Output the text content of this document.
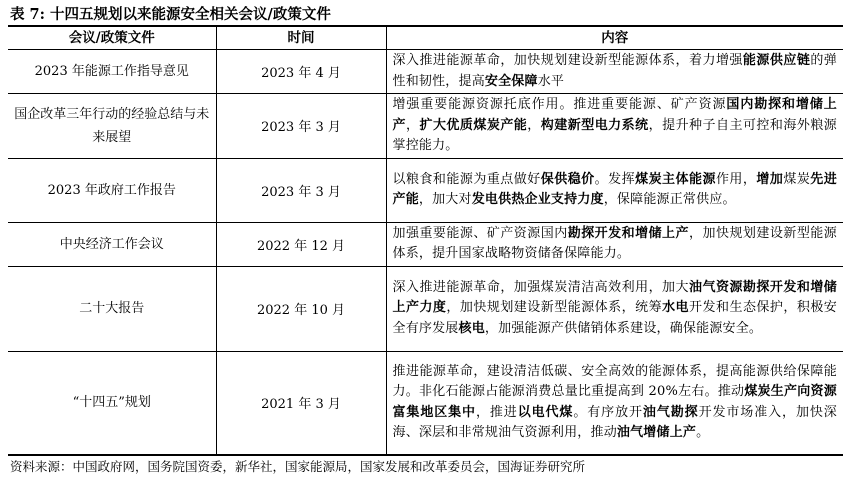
表 7: 十四五规划以来能源安全相关会议/政策文件
会议/政策文件	时间	内容
2023 年能源工作指导意见	2023 年 4 月	深入推进能源革命，加快规划建设新型能源体系，着力增强能源供应链的弹性和韧性，提高安全保障水平
国企改革三年行动的经验总结与未来展望	2023 年 3 月	增强重要能源资源托底作用。推进重要能源、矿产资源国内勘探和增储上产，扩大优质煤炭产能，构建新型电力系统，提升种子自主可控和海外粮源掌控能力。
2023 年政府工作报告	2023 年 3 月	以粮食和能源为重点做好保供稳价。发挥煤炭主体能源作用，增加煤炭先进产能，加大对发电供热企业支持力度，保障能源正常供应。
中央经济工作会议	2022 年 12 月	加强重要能源、矿产资源国内勘探开发和增储上产，加快规划建设新型能源体系，提升国家战略物资储备保障能力。
二十大报告	2022 年 10 月	深入推进能源革命，加强煤炭清洁高效利用，加大油气资源勘探开发和增储上产力度，加快规划建设新型能源体系，统筹水电开发和生态保护，积极安全有序发展核电，加强能源产供储销体系建设，确保能源安全。
“十四五”规划	2021 年 3 月	推进能源革命，建设清洁低碳、安全高效的能源体系，提高能源供给保障能力。非化石能源占能源消费总量比重提高到 20%左右。推动煤炭生产向资源富集地区集中，推进以电代煤。有序放开油气勘探开发市场准入，加快深海、深层和非常规油气资源利用，推动油气增储上产。
资料来源：中国政府网，国务院国资委，新华社，国家能源局，国家发展和改革委员会，国海证券研究所
